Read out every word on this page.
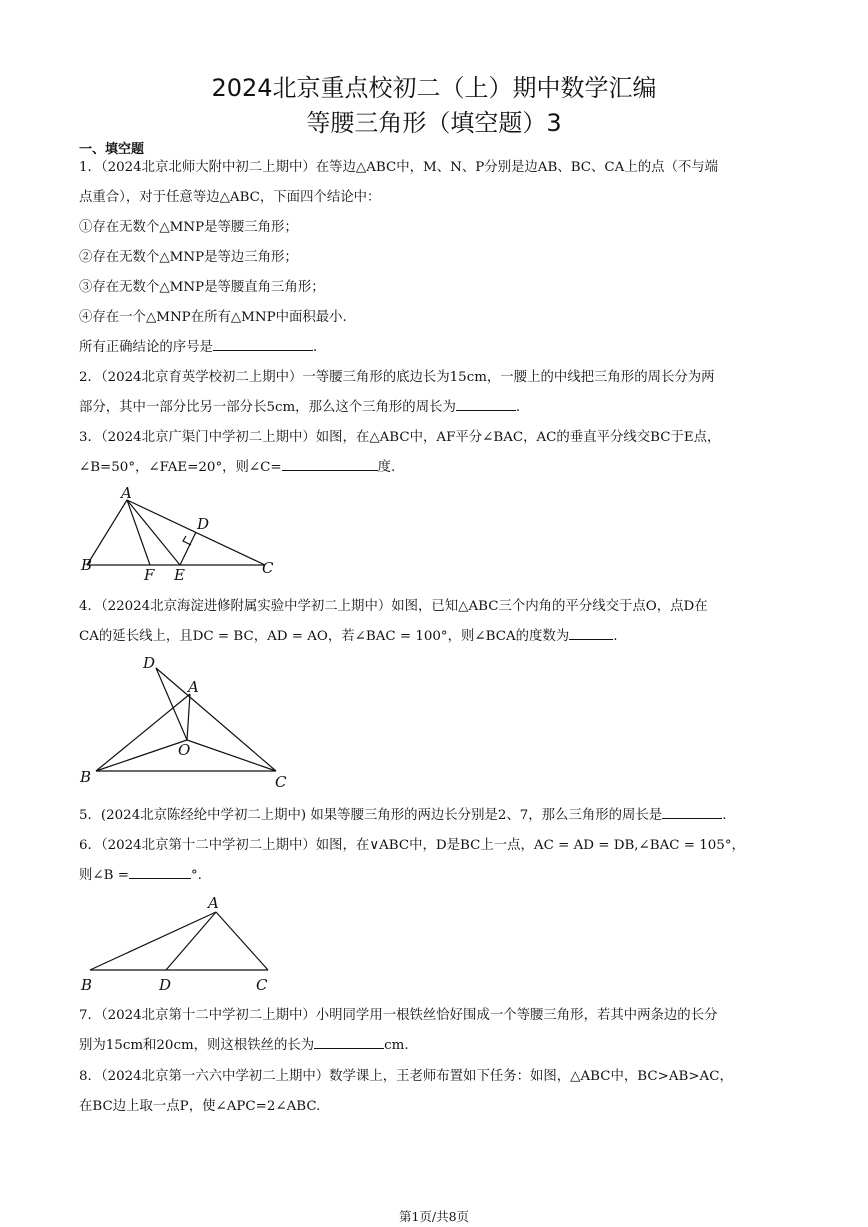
2024北京重点校初二（上）期中数学汇编
等腰三角形（填空题）3
一、填空题
1．（2024北京北师大附中初二上期中）在等边△ABC中，M、N、P分别是边AB、BC、CA上的点（不与端
点重合），对于任意等边△ABC，下面四个结论中：
①存在无数个△MNP是等腰三角形；
②存在无数个△MNP是等边三角形；
③存在无数个△MNP是等腰直角三角形；
④存在一个△MNP在所有△MNP中面积最小.
所有正确结论的序号是	.
2．（2024北京育英学校初二上期中）一等腰三角形的底边长为15cm，一腰上的中线把三角形的周长分为两
部分，其中一部分比另一部分长5cm，那么这个三角形的周长为	.
3．（2024北京广渠门中学初二上期中）如图，在△ABC中，AF平分∠BAC，AC的垂直平分线交BC于E点，
∠B=50°，∠FAE=20°，则∠C=	度.
A
B	C
D
E
F
4．（22024北京海淀进修附属实验中学初二上期中）如图，已知△ABC三个内角的平分线交于点O，点D在
CA的延长线上，且DC = BC，AD = AO，若∠BAC = 100°，则∠BCA的度数为	.
D
A
O
B	C
5．(2024北京陈经纶中学初二上期中) 如果等腰三角形的两边长分别是2、7，那么三角形的周长是	.
6．（2024北京第十二中学初二上期中）如图，在∨ABC中，D是BC上一点，AC = AD = DB,∠BAC = 105°，
则∠B =	°.
A
B	D	C
7．（2024北京第十二中学初二上期中）小明同学用一根铁丝恰好围成一个等腰三角形，若其中两条边的长分
别为15cm和20cm，则这根铁丝的长为	cm.
8．（2024北京第一六六中学初二上期中）数学课上，王老师布置如下任务：如图，△ABC中，BC>AB>AC，
在BC边上取一点P，使∠APC=2∠ABC.
第1页/共8页
